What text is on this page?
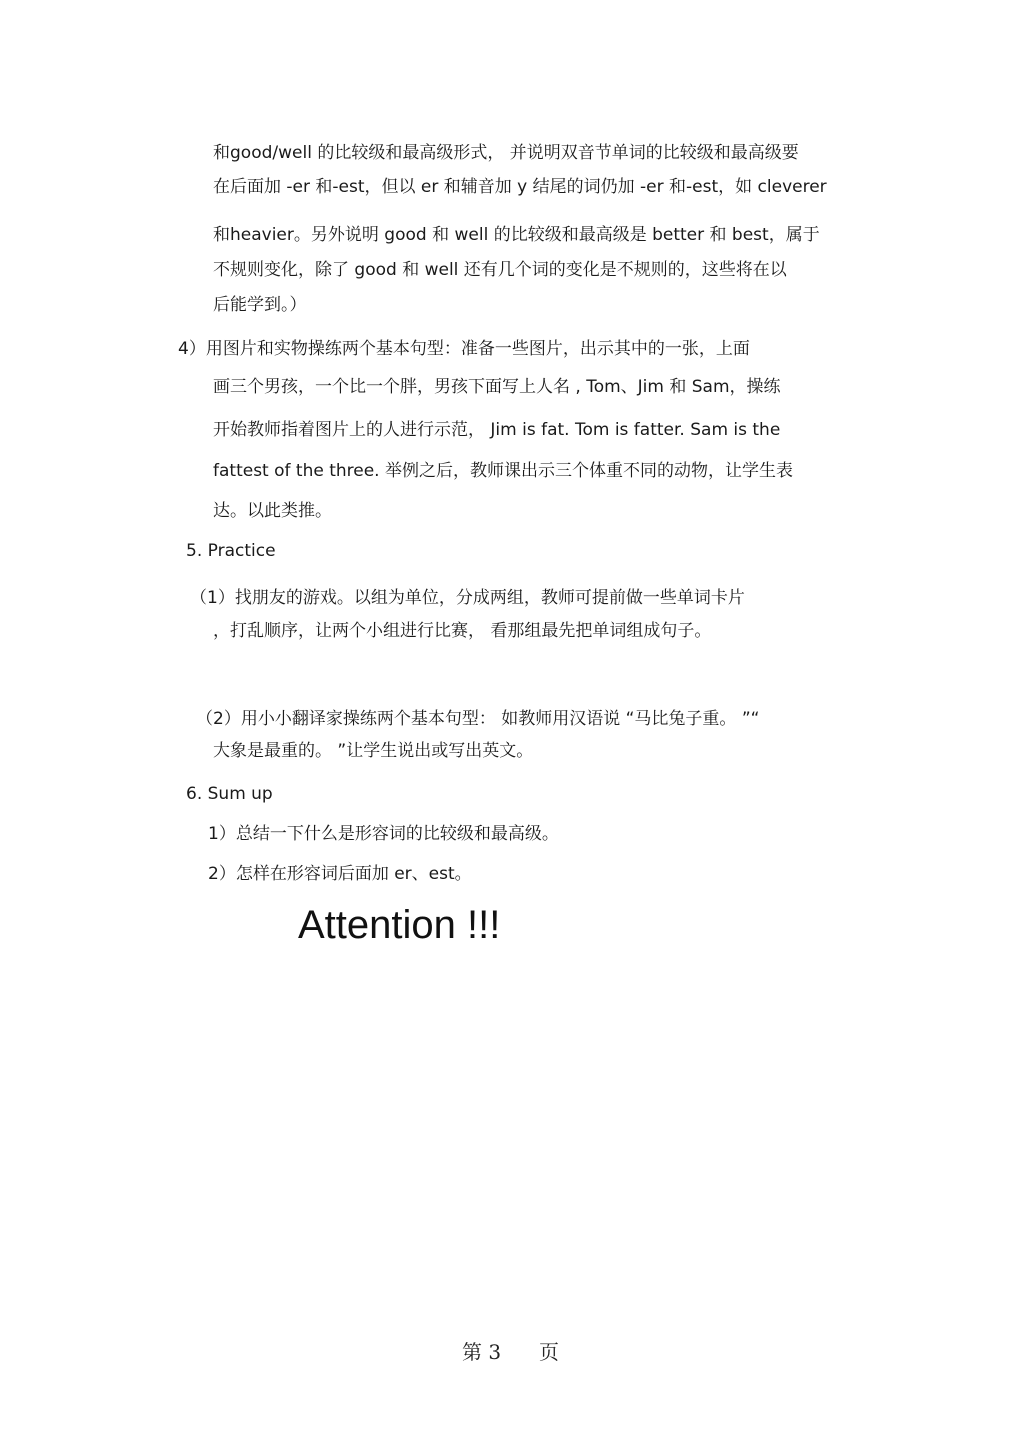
和good/well 的比较级和最高级形式， 并说明双音节单词的比较级和最高级要
在后面加 -er 和-est，但以 er 和辅音加 y 结尾的词仍加 -er 和-est，如 cleverer
和heavier。另外说明 good 和 well 的比较级和最高级是 better 和 best，属于
不规则变化，除了 good 和 well 还有几个词的变化是不规则的，这些将在以
后能学到。）
4）用图片和实物操练两个基本句型：准备一些图片，出示其中的一张，上面
画三个男孩，一个比一个胖，男孩下面写上人名 , Tom、Jim 和 Sam，操练
开始教师指着图片上的人进行示范， Jim is fat. Tom is fatter. Sam is the
fattest of the three. 举例之后，教师课出示三个体重不同的动物，让学生表
达。以此类推。
5. Practice
（1）找朋友的游戏。以组为单位，分成两组，教师可提前做一些单词卡片
，打乱顺序，让两个小组进行比赛， 看那组最先把单词组成句子。
（2）用小小翻译家操练两个基本句型： 如教师用汉语说 “马比兔子重。 ”“
大象是最重的。 ”让学生说出或写出英文。
6. Sum up
1）总结一下什么是形容词的比较级和最高级。
2）怎样在形容词后面加 er、est。
Attention !!!
第 3 页
